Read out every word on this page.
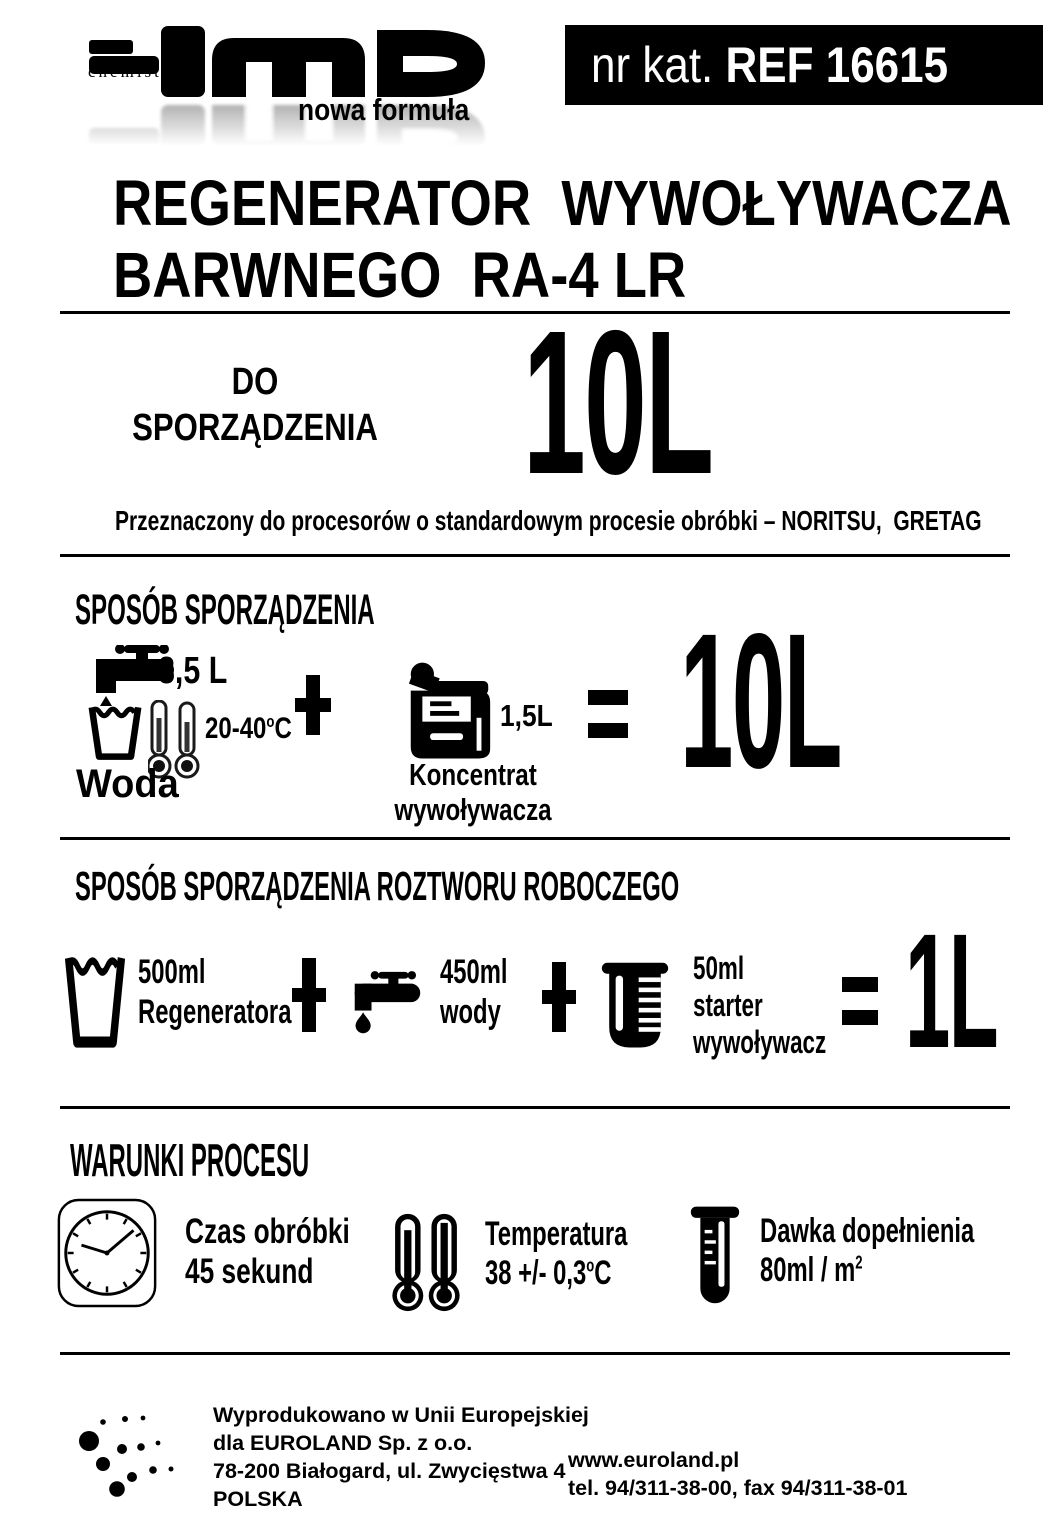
chemistry
nowa formuła
nr kat. REF 16615
REGENERATOR  WYWOŁYWACZA
BARWNEGO  RA-4 LR
DO
SPORZĄDZENIA 10L
Przeznaczony do procesorów o standardowym procesie obróbki – NORITSU,  GRETAG
SPOSÓB SPORZĄDZENIA
8,5 L
20-40$^o$C
Woda
1,5L
Koncentrat
wywoływacza
10L
SPOSÓB SPORZĄDZENIA ROZTWORU ROBOCZEGO
500ml
Regeneratora
450ml
wody
50ml
starter
wywoływacz 1L
WARUNKI PROCESU
Czas obróbki
45 sekund
Temperatura
38 +/- 0,3$^o$C
Dawka dopełnienia
$80ml / m^2$
Wyprodukowano w Unii Europejskiej
dla EUROLAND Sp. z o.o.
78-200 Białogard, ul. Zwycięstwa 4
POLSKA
www.euroland.pl
tel. 94/311-38-00, fax 94/311-38-01
